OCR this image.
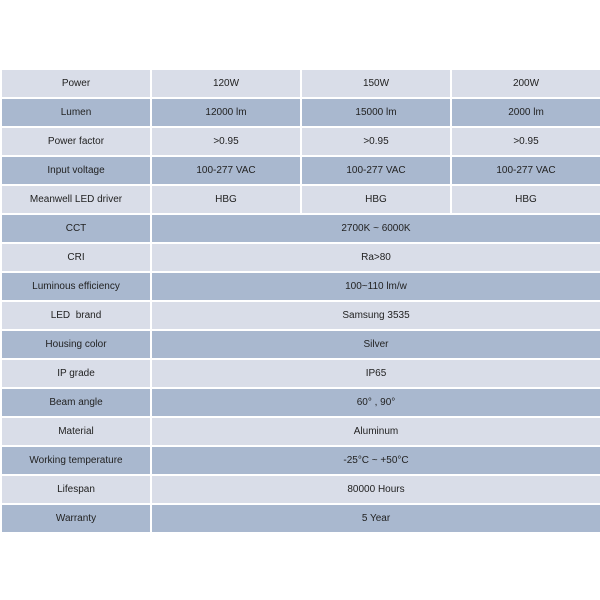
Power	120W	150W	200W
Lumen	12000 lm	15000 lm	2000 lm
Power factor	>0.95	>0.95	>0.95
Input voltage	100-277 VAC	100-277 VAC	100-277 VAC
Meanwell LED driver	HBG	HBG	HBG
CCT	2700K ~ 6000K		
CRI	Ra>80		
Luminous efficiency	100~110 lm/w		
LED  brand	Samsung 3535		
Housing color	Silver		
IP grade	IP65		
Beam angle	60° , 90°		
Material	Aluminum		
Working temperature	-25°C ~ +50°C		
Lifespan	80000 Hours		
Warranty	5 Year		
